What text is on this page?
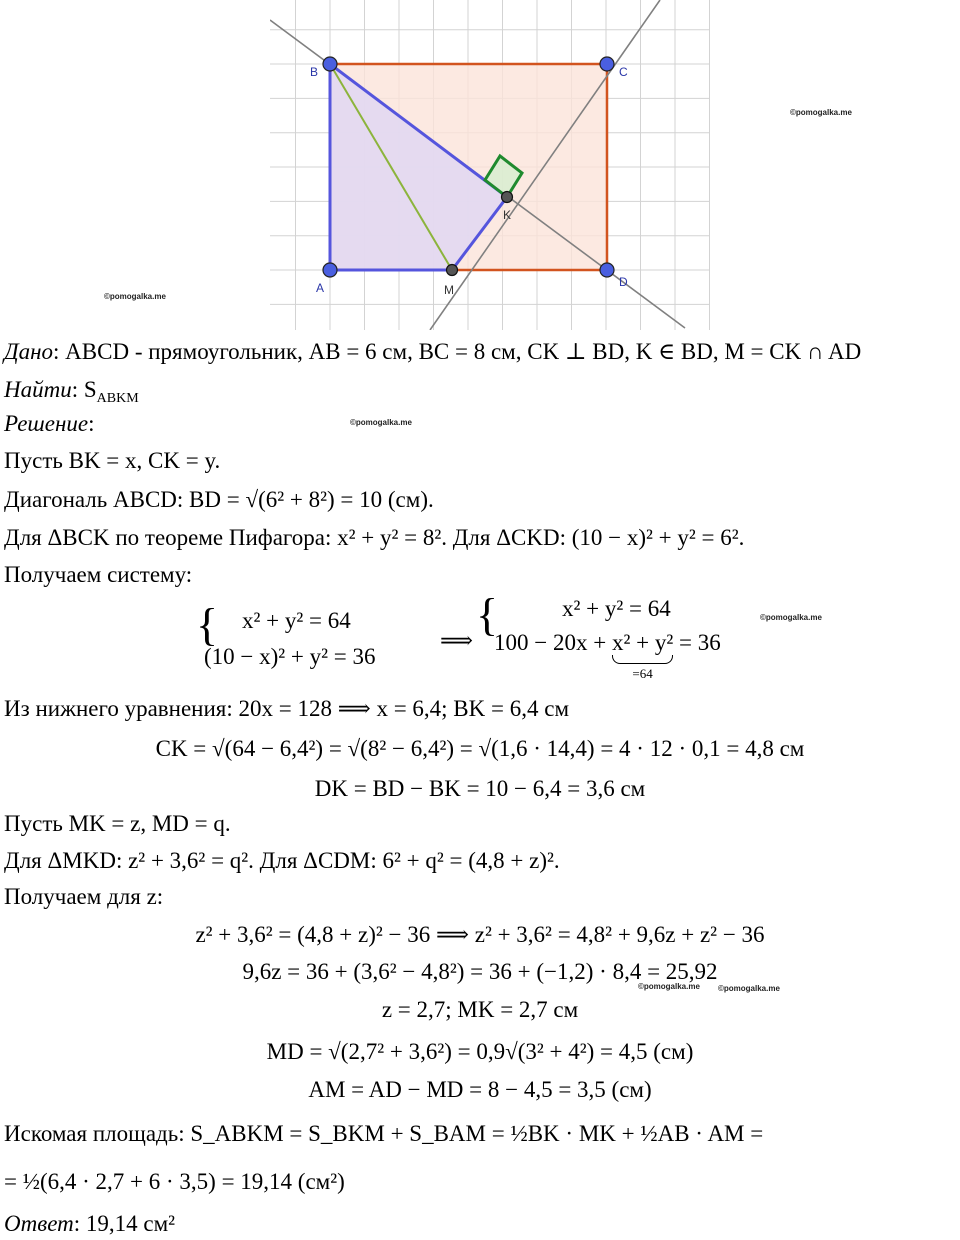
B	C
A	D
K
M
©pomogalka.me
©pomogalka.me
©pomogalka.me
©pomogalka.me
©pomogalka.me ©pomogalka.me
Дано: ABCD - прямоугольник, AB = 6 см, BC = 8 см, CK ⊥ BD, K ∈ BD, M = CK ∩ AD
Найти: $S_{ABKM}$
Решение:
Пусть BK = x, CK = y.
Диагональ ABCD: BD = √(6² + 8²) = 10 (см).
Для ΔBCK по теореме Пифагора: x² + y² = 8². Для ΔCKD: (10 − x)² + y² = 6².
Получаем систему:
{ x² + y² = 64
(10 − x)² + y² = 36
⟹
{	x² + y² = 64
100 − 20x + x² + y²
=64
= 36
Из нижнего уравнения: 20x = 128 ⟹ x = 6,4; BK = 6,4 см
CK = √(64 − 6,4²) = √(8² − 6,4²) = √(1,6 · 14,4) = 4 · 12 · 0,1 = 4,8 см
DK = BD − BK = 10 − 6,4 = 3,6 см
Пусть MK = z, MD = q.
Для ΔMKD: z² + 3,6² = q². Для ΔCDM: 6² + q² = (4,8 + z)².
Получаем для z:
z² + 3,6² = (4,8 + z)² − 36 ⟹ z² + 3,6² = 4,8² + 9,6z + z² − 36
9,6z = 36 + (3,6² − 4,8²) = 36 + (−1,2) · 8,4 = 25,92
z = 2,7; MK = 2,7 см
MD = √(2,7² + 3,6²) = 0,9√(3² + 4²) = 4,5 (см)
AM = AD − MD = 8 − 4,5 = 3,5 (см)
Искомая площадь: S_ABKM = S_BKM + S_BAM = ½BK · MK + ½AB · AM =
= ½(6,4 · 2,7 + 6 · 3,5) = 19,14 (см²)
Ответ: 19,14 см²
